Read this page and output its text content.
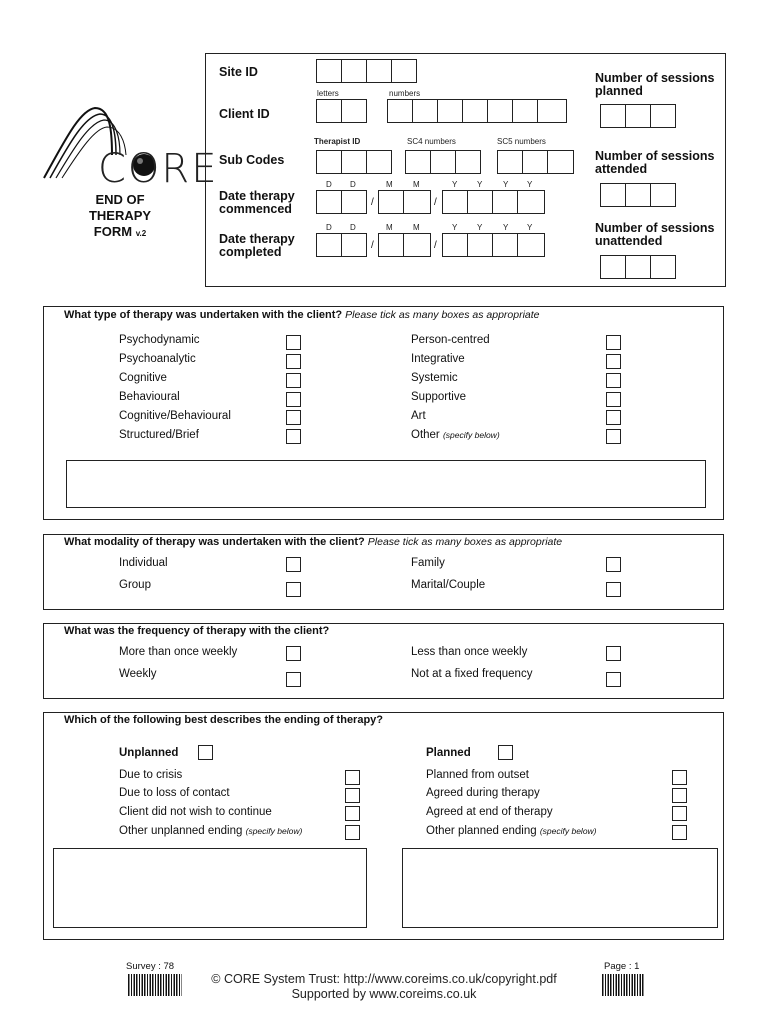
CORE
END OF
THERAPY
FORM v.2
Site ID
letters	numbers
Client ID
Therapist ID	SC4 numbers	SC5 numbers
Sub Codes
D D	M	M	Y Y	Y Y
Date therapy commenced	/	/
D D	M	M	Y Y	Y Y
Date therapy completed	/	/
Number of sessions planned
Number of sessions attended
Number of sessions unattended
What type of therapy was undertaken with the client? Please tick as many boxes as appropriate
Psychodynamic
Psychoanalytic
Cognitive
Behavioural
Cognitive/Behavioural
Structured/Brief
Person-centred
Integrative
Systemic
Supportive
Art
Other (specify below)
What modality of therapy was undertaken with the client? Please tick as many boxes as appropriate
Individual
Group
Family
Marital/Couple
What was the frequency of therapy with the client?
More than once weekly
Weekly
Less than once weekly
Not at a fixed frequency
Which of the following best describes the ending of therapy?
Unplanned	Planned
Due to crisis
Due to loss of contact
Client did not wish to continue
Other unplanned ending (specify below)
Planned from outset
Agreed during therapy
Agreed at end of therapy
Other planned ending (specify below)
Survey : 78	Page : 1
© CORE System Trust: http://www.coreims.co.uk/copyright.pdf
Supported by www.coreims.co.uk
